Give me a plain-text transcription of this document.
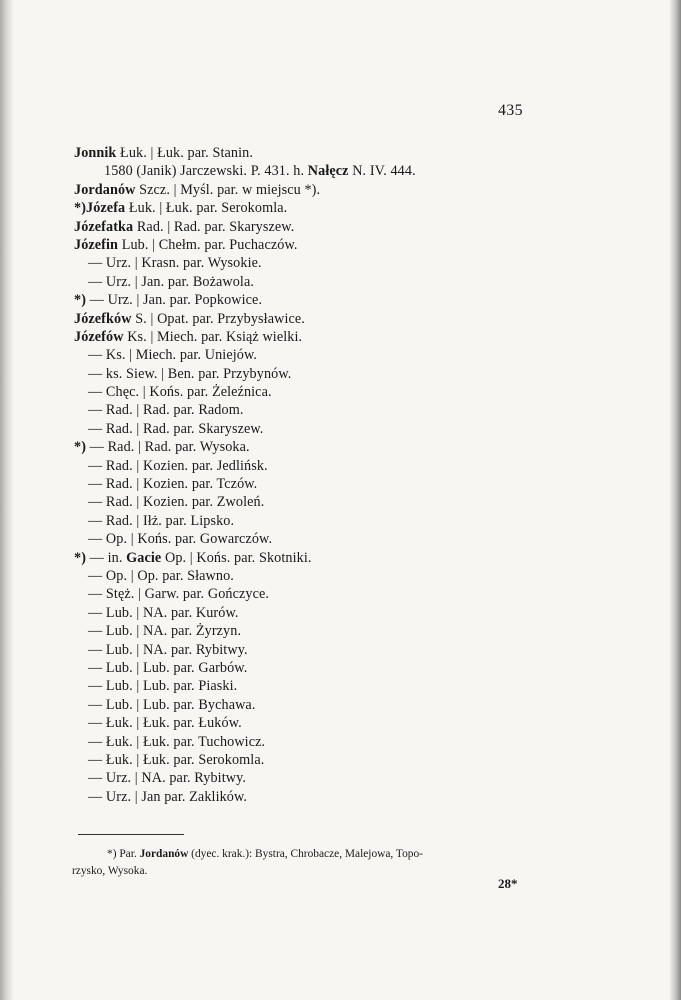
435
Jonnik Łuk. | Łuk. par. Stanin.
1580 (Janik) Jarczewski. P. 431. h. Nałęcz N. IV. 444.
Jordanów Szcz. | Myśl. par. w miejscu *).
*)Józefa Łuk. | Łuk. par. Serokomla.
Józefatka Rad. | Rad. par. Skaryszew.
Józefin Lub. | Chełm. par. Puchaczów.
— Urz. | Krasn. par. Wysokie.
— Urz. | Jan. par. Bożawola.
*) — Urz. | Jan. par. Popkowice.
Józefków S. | Opat. par. Przybysławice.
Józefów Ks. | Miech. par. Książ wielki.
— Ks. | Miech. par. Uniejów.
— ks. Siew. | Ben. par. Przybynów.
— Chęc. | Końs. par. Żeleźnica.
— Rad. | Rad. par. Radom.
— Rad. | Rad. par. Skaryszew.
*) — Rad. | Rad. par. Wysoka.
— Rad. | Kozien. par. Jedlińsk.
— Rad. | Kozien. par. Tczów.
— Rad. | Kozien. par. Zwoleń.
— Rad. | Iłż. par. Lipsko.
— Op. | Końs. par. Gowarczów.
*) — in. Gacie Op. | Końs. par. Skotniki.
— Op. | Op. par. Sławno.
— Stęż. | Garw. par. Gończyce.
— Lub. | NA. par. Kurów.
— Lub. | NA. par. Żyrzyn.
— Lub. | NA. par. Rybitwy.
— Lub. | Lub. par. Garbów.
— Lub. | Lub. par. Piaski.
— Lub. | Lub. par. Bychawa.
— Łuk. | Łuk. par. Łuków.
— Łuk. | Łuk. par. Tuchowicz.
— Łuk. | Łuk. par. Serokomla.
— Urz. | NA. par. Rybitwy.
— Urz. | Jan par. Zaklików.
*) Par. Jordanów (dyec. krak.): Bystra, Chrobacze, Malejowa, Topo-
rzysko, Wysoka.
28*
